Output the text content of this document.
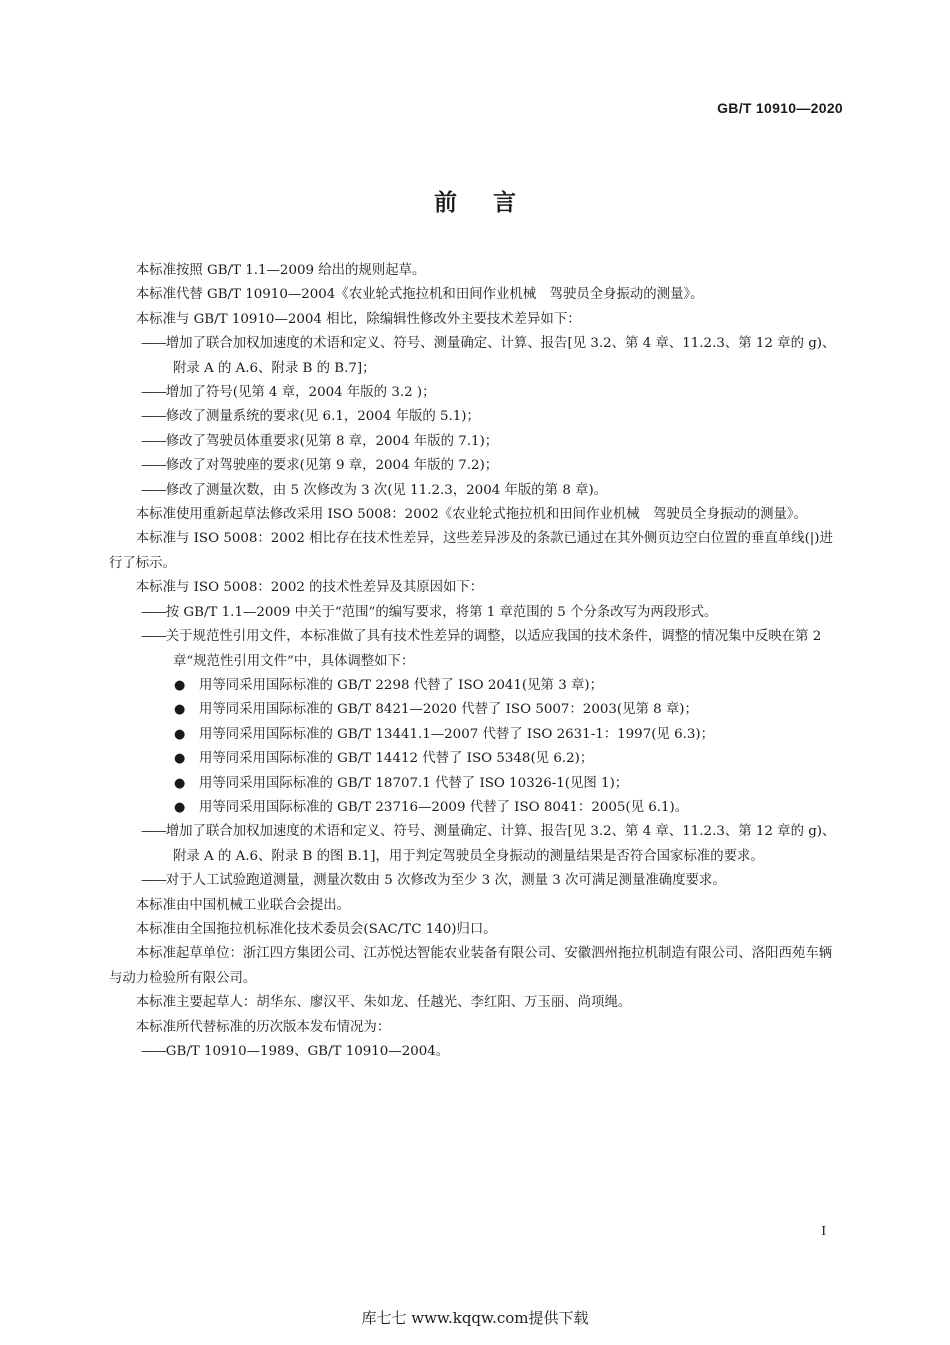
GB/T 10910—2020
前言

本标准按照 GB/T 1.1—2009 给出的规则起草。

本标准代替 GB/T 10910—2004《农业轮式拖拉机和田间作业机械　驾驶员全身振动的测量》。

本标准与 GB/T 10910—2004 相比，除编辑性修改外主要技术差异如下：

——增加了联合加权加速度的术语和定义、符号、测量确定、计算、报告[见 3.2、第 4 章、11.2.3、第 12 章的 g)、附录 A 的 A.6、附录 B 的 B.7]；

——增加了符号(见第 4 章，2004 年版的 3.2 )；

——修改了测量系统的要求(见 6.1，2004 年版的 5.1)；

——修改了驾驶员体重要求(见第 8 章，2004 年版的 7.1)；

——修改了对驾驶座的要求(见第 9 章，2004 年版的 7.2)；

——修改了测量次数，由 5 次修改为 3 次(见 11.2.3，2004 年版的第 8 章)。

本标准使用重新起草法修改采用 ISO 5008：2002《农业轮式拖拉机和田间作业机械　驾驶员全身振动的测量》。

本标准与 ISO 5008：2002 相比存在技术性差异，这些差异涉及的条款已通过在其外侧页边空白位置的垂直单线(|)进行了标示。

本标准与 ISO 5008：2002 的技术性差异及其原因如下：

——按 GB/T 1.1—2009 中关于“范围”的编写要求，将第 1 章范围的 5 个分条改写为两段形式。

——关于规范性引用文件，本标准做了具有技术性差异的调整，以适应我国的技术条件，调整的情况集中反映在第 2 章“规范性引用文件”中，具体调整如下：

● 用等同采用国际标准的 GB/T 2298 代替了 ISO 2041(见第 3 章)；

● 用等同采用国际标准的 GB/T 8421—2020 代替了 ISO 5007：2003(见第 8 章)；

● 用等同采用国际标准的 GB/T 13441.1—2007 代替了 ISO 2631-1：1997(见 6.3)；

● 用等同采用国际标准的 GB/T 14412 代替了 ISO 5348(见 6.2)；

● 用等同采用国际标准的 GB/T 18707.1 代替了 ISO 10326-1(见图 1)；

● 用等同采用国际标准的 GB/T 23716—2009 代替了 ISO 8041：2005(见 6.1)。

——增加了联合加权加速度的术语和定义、符号、测量确定、计算、报告[见 3.2、第 4 章、11.2.3、第 12 章的 g)、附录 A 的 A.6、附录 B 的图 B.1]，用于判定驾驶员全身振动的测量结果是否符合国家标准的要求。

——对于人工试验跑道测量，测量次数由 5 次修改为至少 3 次，测量 3 次可满足测量准确度要求。

本标准由中国机械工业联合会提出。

本标准由全国拖拉机标准化技术委员会(SAC/TC 140)归口。

本标准起草单位：浙江四方集团公司、江苏悦达智能农业装备有限公司、安徽泗州拖拉机制造有限公司、洛阳西苑车辆与动力检验所有限公司。

本标准主要起草人：胡华东、廖汉平、朱如龙、任越光、李红阳、万玉丽、尚项绳。

本标准所代替标准的历次版本发布情况为：

——GB/T 10910—1989、GB/T 10910—2004。

I
库七七 www.kqqw.com提供下载
